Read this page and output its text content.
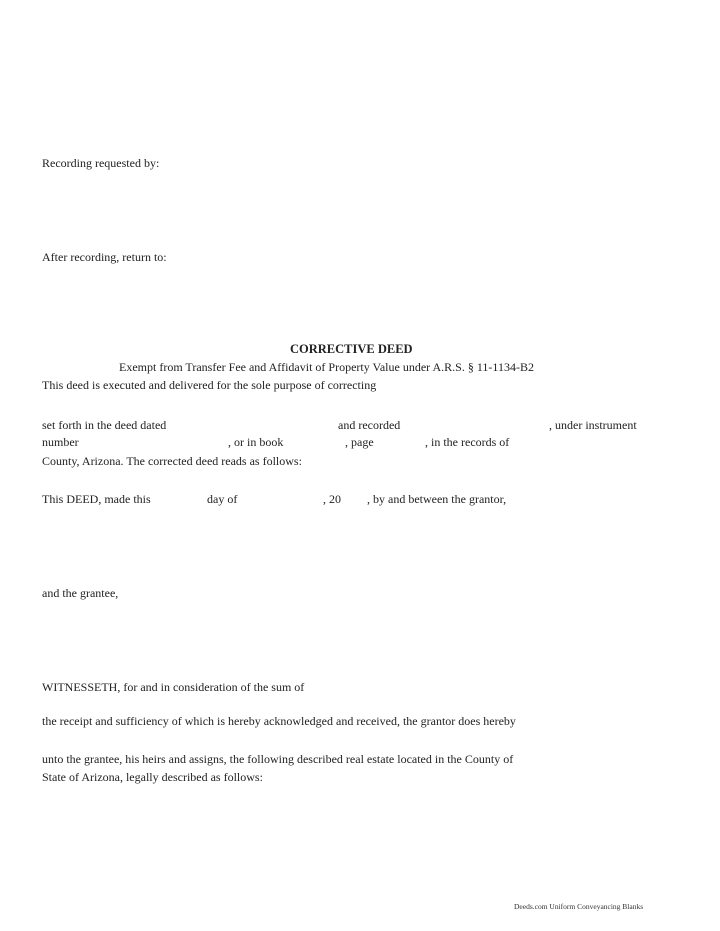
Recording requested by:
After recording, return to:
CORRECTIVE DEED
Exempt from Transfer Fee and Affidavit of Property Value under A.R.S. § 11-1134-B2
This deed is executed and delivered for the sole purpose of correcting
set forth in the deed dated	and recorded	, under instrument
number	, or in book	, page	, in the records of
County, Arizona. The corrected deed reads as follows:
This DEED, made this	day of	, 20 , by and between the grantor,
and the grantee,
WITNESSETH, for and in consideration of the sum of
the receipt and sufficiency of which is hereby acknowledged and received, the grantor does hereby
unto the grantee, his heirs and assigns, the following described real estate located in the County of
State of Arizona, legally described as follows:
Deeds.com Uniform Conveyancing Blanks
